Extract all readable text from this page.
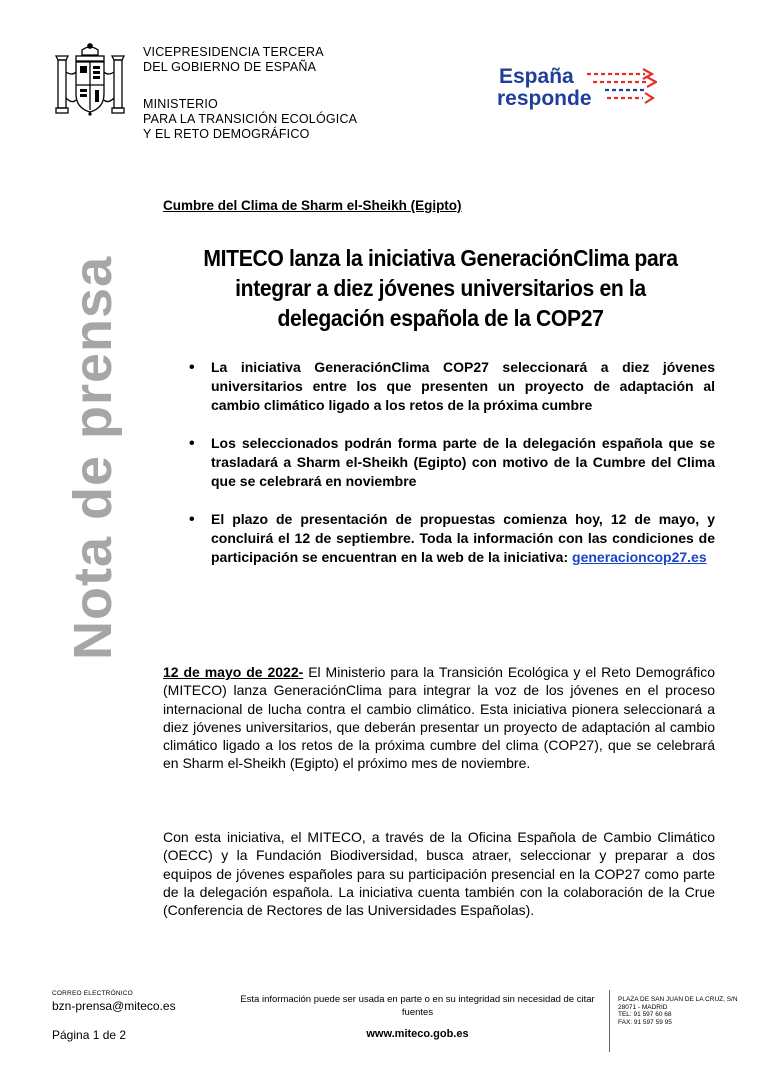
VICEPRESIDENCIA TERCERA
DEL GOBIERNO DE ESPAÑA
MINISTERIO
PARA LA TRANSICIÓN ECOLÓGICA
Y EL RETO DEMOGRÁFICO
España
responde
Nota de prensa
Cumbre del Clima de Sharm el-Sheikh (Egipto)
MITECO lanza la iniciativa GeneraciónClima para integrar a diez jóvenes universitarios en la delegación española de la COP27
• La iniciativa GeneraciónClima COP27 seleccionará a diez jóvenes universitarios entre los que presenten un proyecto de adaptación al cambio climático ligado a los retos de la próxima cumbre
• Los seleccionados podrán forma parte de la delegación española que se trasladará a Sharm el-Sheikh (Egipto) con motivo de la Cumbre del Clima que se celebrará en noviembre
• El plazo de presentación de propuestas comienza hoy, 12 de mayo, y concluirá el 12 de septiembre. Toda la información con las condiciones de participación se encuentran en la web de la iniciativa: generacioncop27.es
12 de mayo de 2022- El Ministerio para la Transición Ecológica y el Reto Demográfico (MITECO) lanza GeneraciónClima para integrar la voz de los jóvenes en el proceso internacional de lucha contra el cambio climático. Esta iniciativa pionera seleccionará a diez jóvenes universitarios, que deberán presentar un proyecto de adaptación al cambio climático ligado a los retos de la próxima cumbre del clima (COP27), que se celebrará en Sharm el-Sheikh (Egipto) el próximo mes de noviembre.
Con esta iniciativa, el MITECO, a través de la Oficina Española de Cambio Climático (OECC) y la Fundación Biodiversidad, busca atraer, seleccionar y preparar a dos equipos de jóvenes españoles para su participación presencial en la COP27 como parte de la delegación española. La iniciativa cuenta también con la colaboración de la Crue (Conferencia de Rectores de las Universidades Españolas).
CORREO ELECTRÓNICO
bzn-prensa@miteco.es
Página 1 de 2
Esta información puede ser usada en parte o en su integridad sin necesidad de citar fuentes
www.miteco.gob.es
PLAZA DE SAN JUAN DE LA CRUZ, S/N
28071 - MADRID
TEL: 91 597 60 68
FAX: 91 597 59 95
